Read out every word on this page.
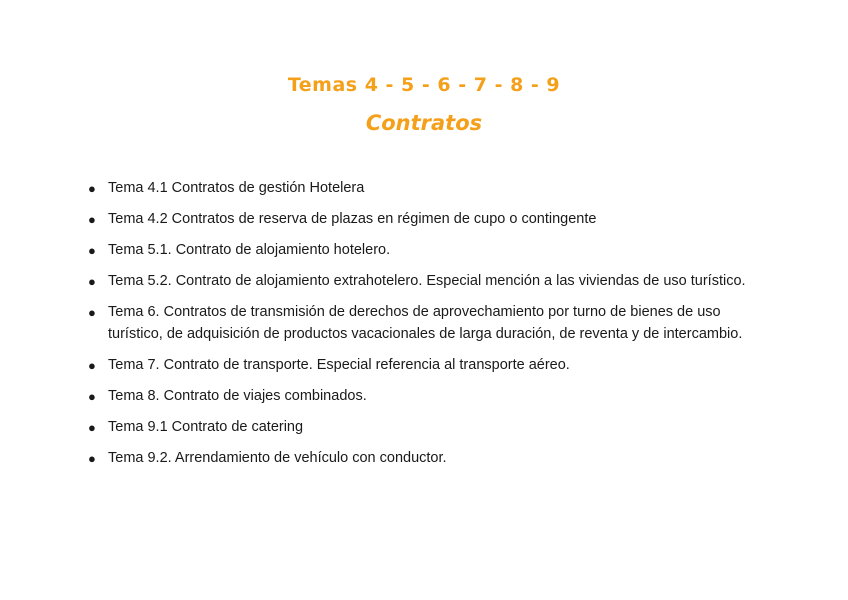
Temas 4 - 5 - 6 - 7 - 8 - 9
Contratos
● Tema 4.1 Contratos de gestión Hotelera
● Tema 4.2 Contratos de reserva de plazas en régimen de cupo o contingente
● Tema 5.1. Contrato de alojamiento hotelero.
● Tema 5.2. Contrato de alojamiento extrahotelero. Especial mención a las viviendas de uso turístico.
● Tema 6. Contratos de transmisión de derechos de aprovechamiento por turno de bienes de uso turístico, de adquisición de productos vacacionales de larga duración, de reventa y de intercambio.
● Tema 7. Contrato de transporte. Especial referencia al transporte aéreo.
● Tema 8. Contrato de viajes combinados.
● Tema 9.1 Contrato de catering
● Tema 9.2. Arrendamiento de vehículo con conductor.
